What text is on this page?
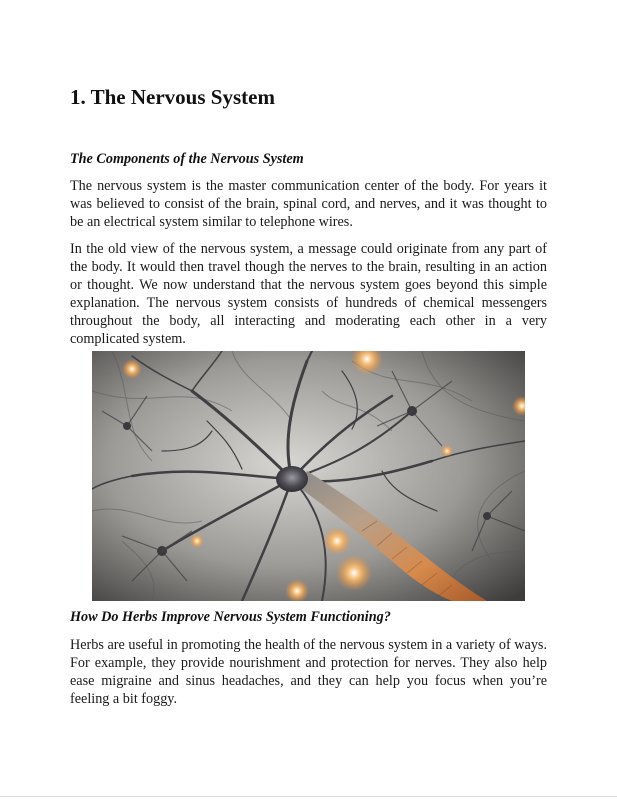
1. The Nervous System
The Components of the Nervous System

The nervous system is the master communication center of the body. For years it was believed to consist of the brain, spinal cord, and nerves, and it was thought to be an electrical system similar to telephone wires.

In the old view of the nervous system, a message could originate from any part of the body. It would then travel though the nerves to the brain, resulting in an action or thought. We now understand that the nervous system goes beyond this simple explanation. The nervous system consists of hundreds of chemical messengers throughout the body, all interacting and moderating each other in a very complicated system.

How Do Herbs Improve Nervous System Functioning?

Herbs are useful in promoting the health of the nervous system in a variety of ways. For example, they provide nourishment and protection for nerves. They also help ease migraine and sinus headaches, and they can help you focus when you’re feeling a bit foggy.
